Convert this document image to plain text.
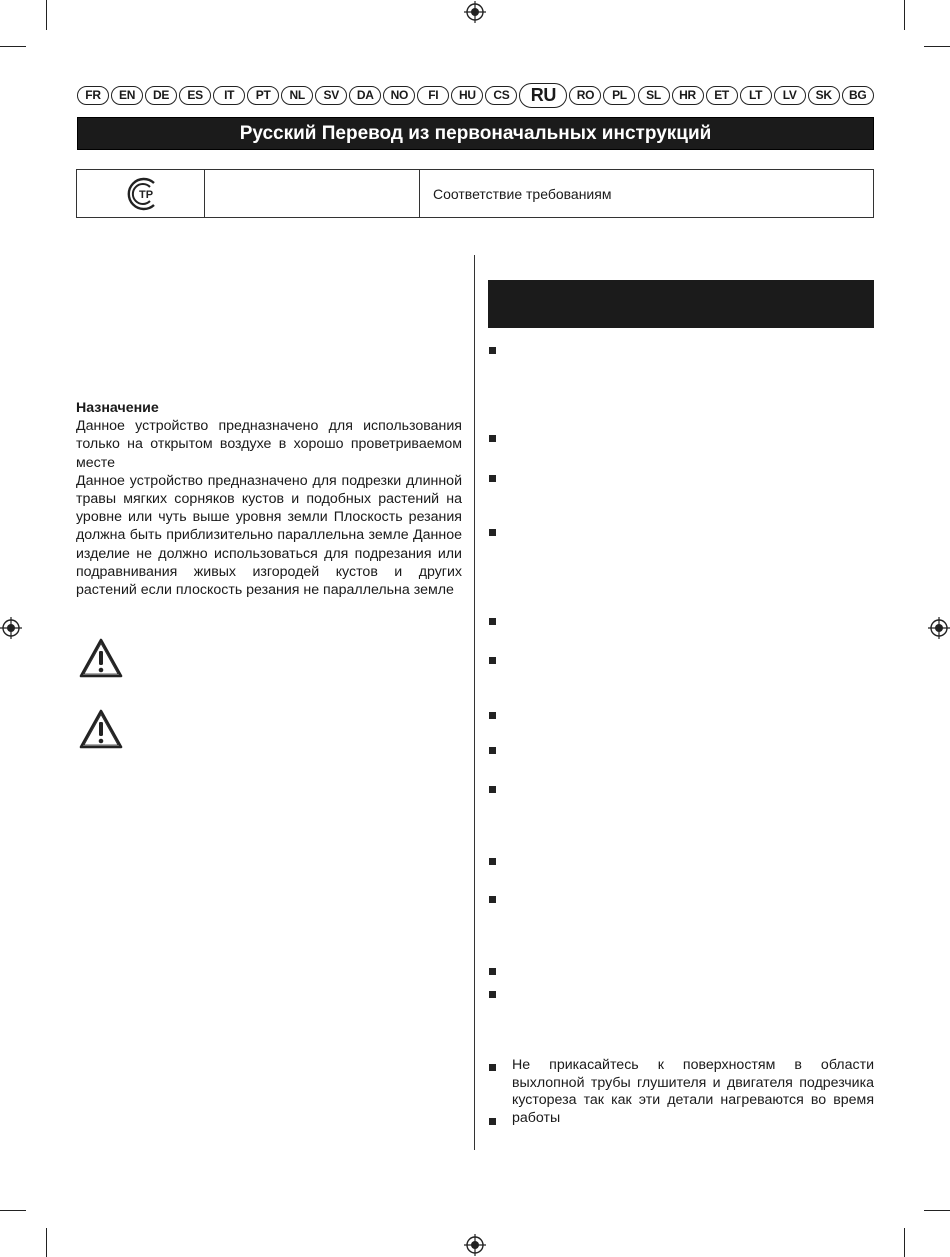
FR	EN	DE	ES	IT	PT	NL	SV	DA	NO	FI	HU	CS	RU	RO	PL	SL	HR	ET	LT	LV	SK	BG
Русский Перевод из первоначальных инструкций
TP	Соответствие требованиям
Назначение

Данное устройство предназначено для использования только на открытом воздухе в хорошо проветриваемом месте

Данное устройство предназначено для подрезки длинной травы мягких сорняков кустов и подобных растений на уровне или чуть выше уровня земли Плоскость резания должна быть приблизительно параллельна земле Данное изделие не должно использоваться для подрезания или подравнивания живых изгородей кустов и других растений если плоскость резания не параллельна земле

Не прикасайтесь к поверхностям в области выхлопной трубы глушителя и двигателя подрезчика кустореза так как эти детали нагреваются во время работы
